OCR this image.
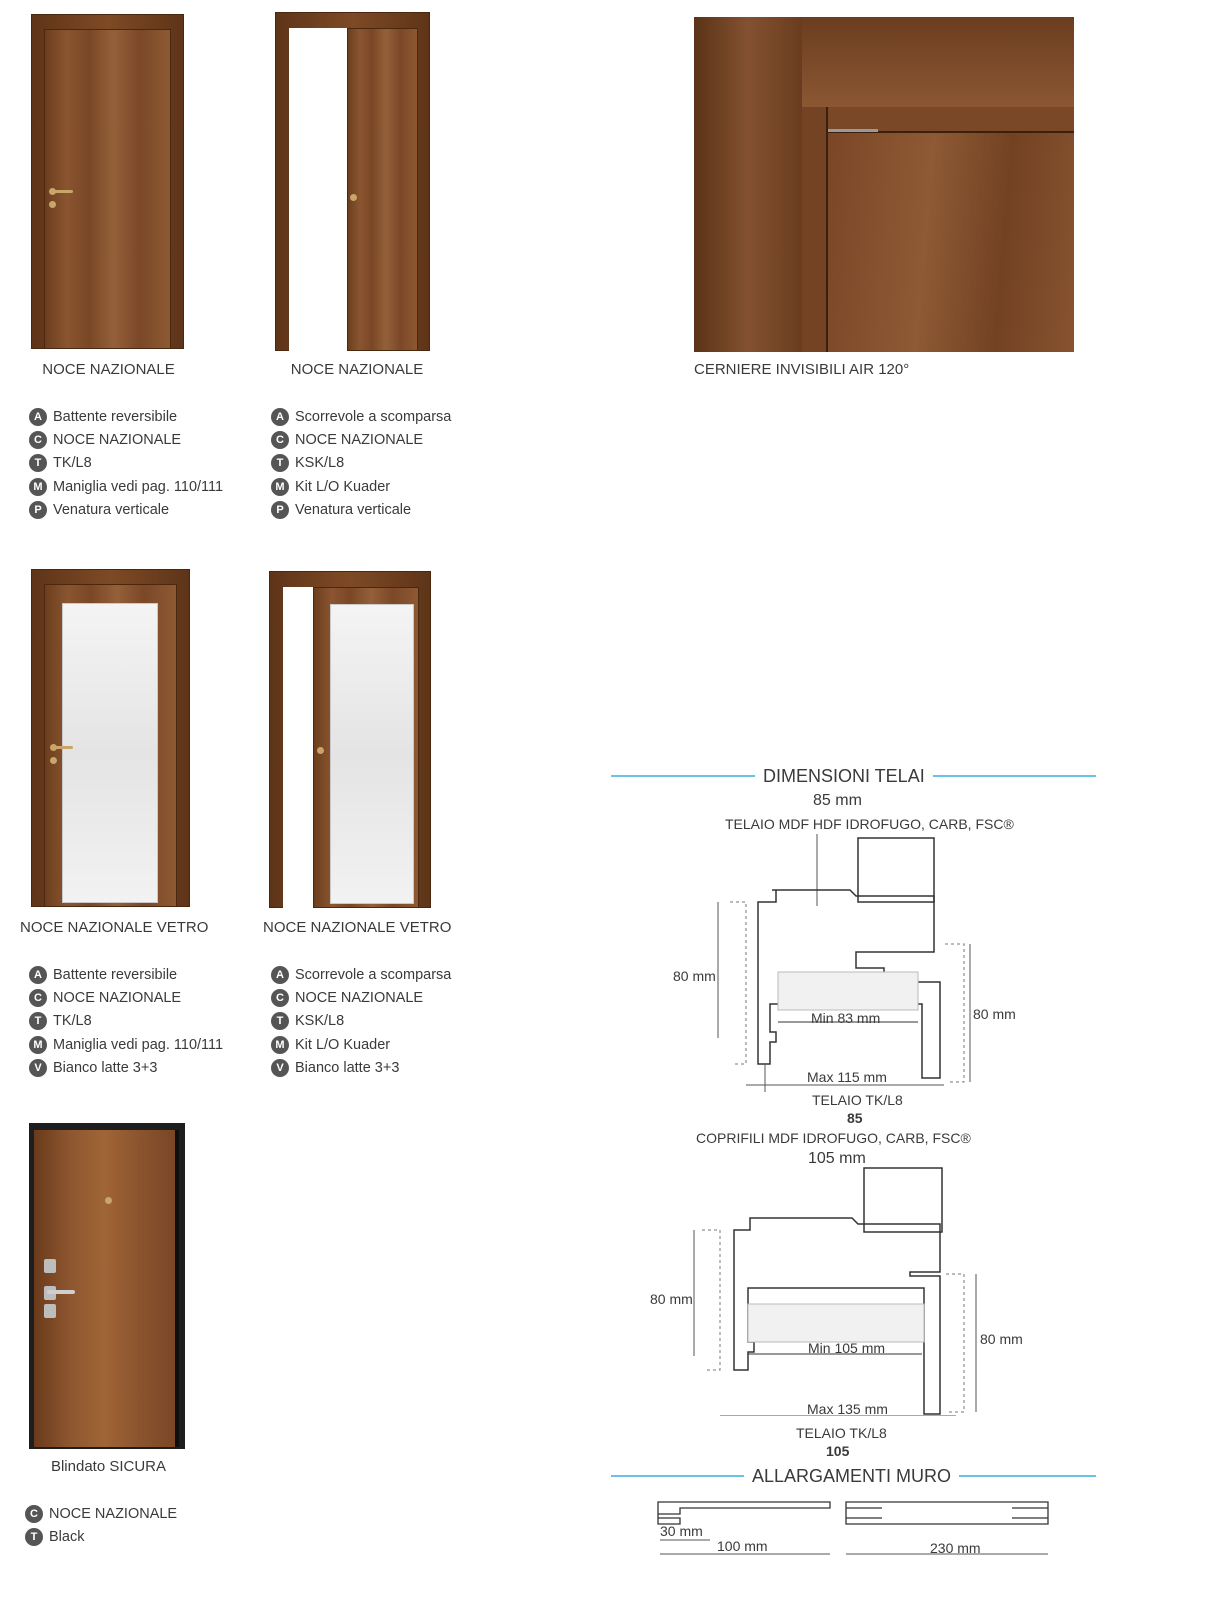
NOCE NAZIONALE
A Battente reversibile
C NOCE NAZIONALE
T TK/L8
M Maniglia vedi pag. 110/111
P Venatura verticale
NOCE NAZIONALE
A Scorrevole a scomparsa
C NOCE NAZIONALE
T KSK/L8
M Kit L/O Kuader
P Venatura verticale
CERNIERE INVISIBILI AIR 120°
NOCE NAZIONALE VETRO
A Battente reversibile
C NOCE NAZIONALE
T TK/L8
M Maniglia vedi pag. 110/111
V Bianco latte 3+3
NOCE NAZIONALE VETRO
A Scorrevole a scomparsa
C NOCE NAZIONALE
T KSK/L8
M Kit L/O Kuader
V Bianco latte 3+3
Blindato SICURA
C NOCE NAZIONALE
T Black
DIMENSIONI TELAI
85 mm
TELAIO MDF HDF IDROFUGO, CARB, FSC®
80 mm
80 mm
Min 83 mm
Max 115 mm
TELAIO TK/L8
85
COPRIFILI MDF IDROFUGO, CARB, FSC®
105 mm
80 mm
80 mm
Min 105 mm
Max 135 mm
TELAIO TK/L8
105
ALLARGAMENTI MURO
30 mm
100 mm	230 mm
